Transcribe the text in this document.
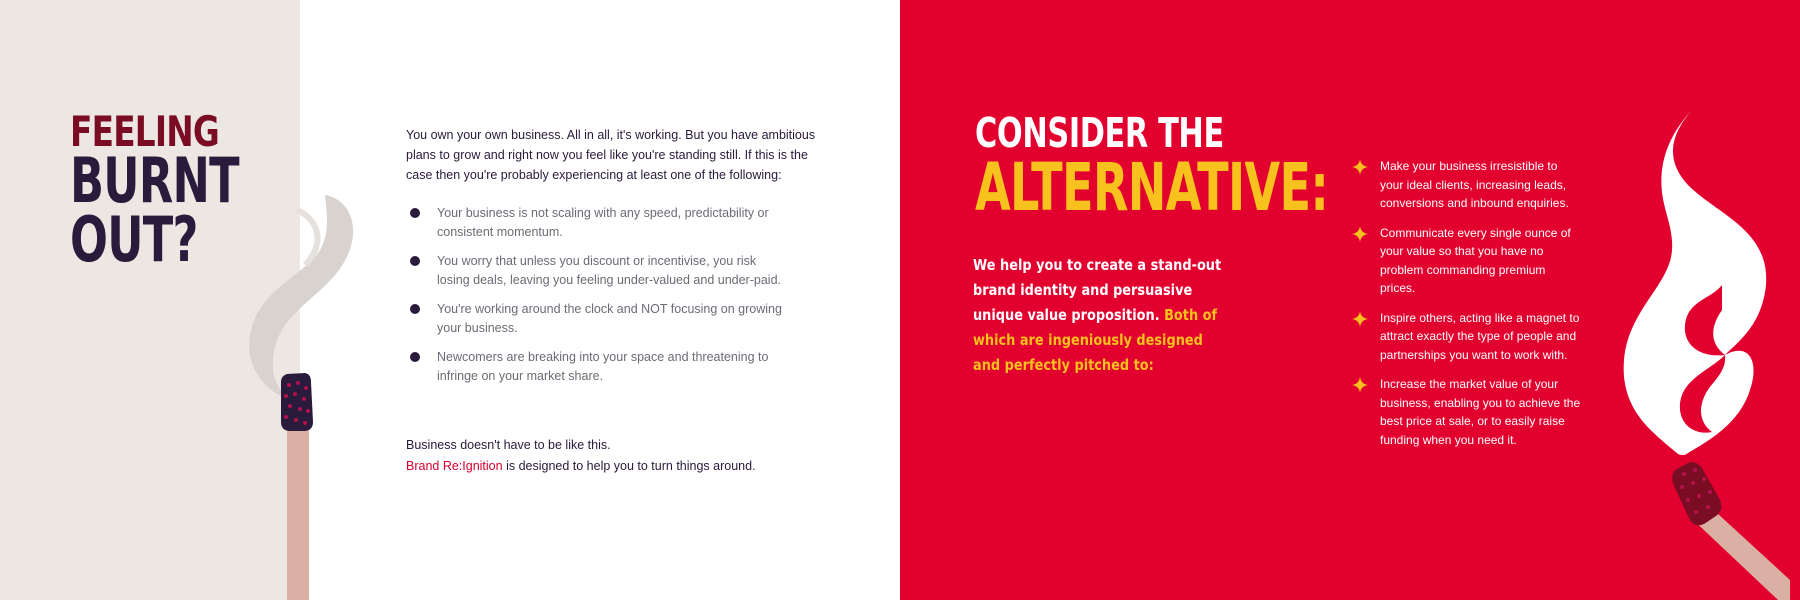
FEELING
BURNT
OUT?

You own your own business. All in all, it's working. But you have ambitious plans to grow and right now you feel like you're standing still. If this is the case then you're probably experiencing at least one of the following:

Your business is not scaling with any speed, predictability or consistent momentum.
You worry that unless you discount or incentivise, you risk losing deals, leaving you feeling under-valued and under-paid.
You're working around the clock and NOT focusing on growing your business.
Newcomers are breaking into your space and threatening to infringe on your market share.
Business doesn't have to be like this.
Brand Re:Ignition is designed to help you to turn things around.
CONSIDER THE
ALTERNATIVE:

We help you to create a stand-out brand identity and persuasive unique value proposition. Both of which are ingeniously designed and perfectly pitched to:

Make your business irresistible to your ideal clients, increasing leads, conversions and inbound enquiries.
Communicate every single ounce of your value so that you have no problem commanding premium prices.
Inspire others, acting like a magnet to attract exactly the type of people and partnerships you want to work with.
Increase the market value of your business, enabling you to achieve the best price at sale, or to easily raise funding when you need it.
